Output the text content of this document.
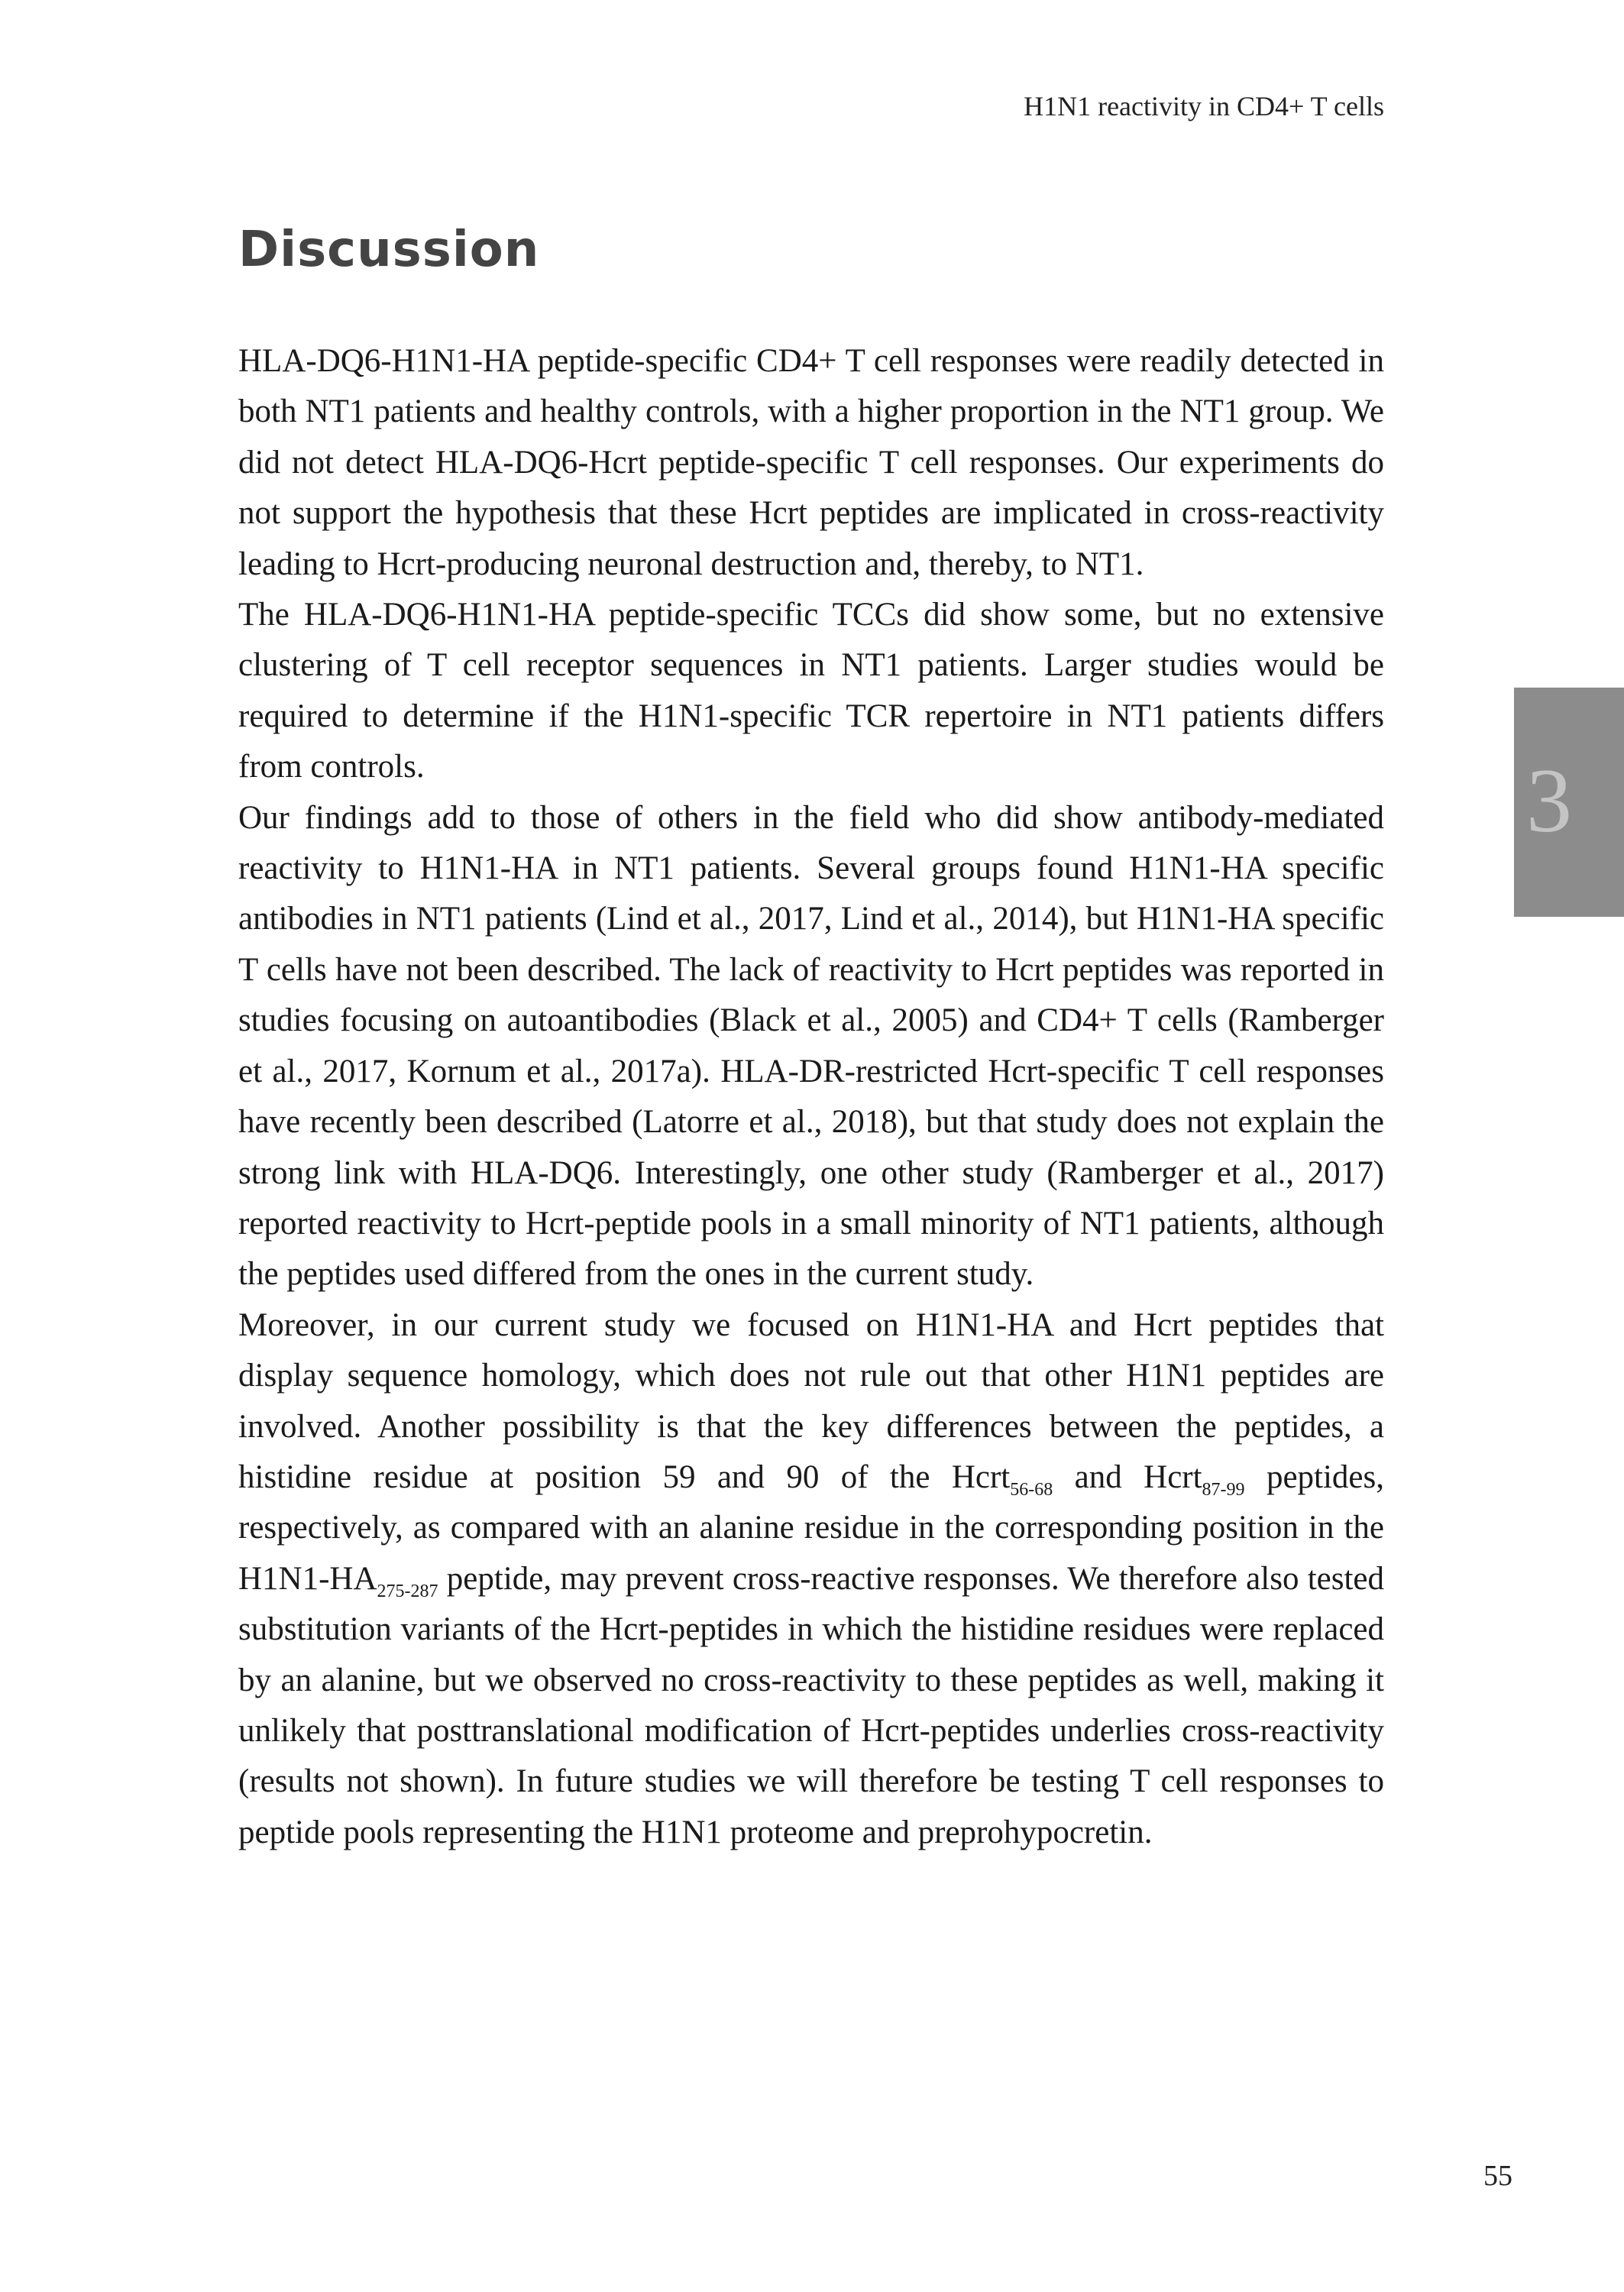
H1N1 reactivity in CD4+ T cells
Discussion

HLA-DQ6-H1N1-HA peptide-specific CD4+ T cell responses were readily detected in both NT1 patients and healthy controls, with a higher proportion in the NT1 group. We did not detect HLA-DQ6-Hcrt peptide-specific T cell responses. Our experiments do not support the hypothesis that these Hcrt peptides are implicated in cross-reactivity leading to Hcrt-producing neuronal destruction and, thereby, to NT1.

The HLA-DQ6-H1N1-HA peptide-specific TCCs did show some, but no extensive clustering of T cell receptor sequences in NT1 patients. Larger studies would be required to determine if the H1N1-specific TCR repertoire in NT1 patients differs from controls.

Our findings add to those of others in the field who did show antibody-mediated reactivity to H1N1-HA in NT1 patients. Several groups found H1N1-HA specific antibodies in NT1 patients (Lind et al., 2017, Lind et al., 2014), but H1N1-HA specific T cells have not been described. The lack of reactivity to Hcrt peptides was reported in studies focusing on autoantibodies (Black et al., 2005) and CD4+ T cells (Ramberger et al., 2017, Kornum et al., 2017a). HLA-DR-restricted Hcrt-specific T cell responses have recently been described (Latorre et al., 2018), but that study does not explain the strong link with HLA-DQ6. Interestingly, one other study (Ramberger et al., 2017) reported reactivity to Hcrt-peptide pools in a small minority of NT1 patients, although the peptides used differed from the ones in the current study.

Moreover, in our current study we focused on H1N1-HA and Hcrt peptides that display sequence homology, which does not rule out that other H1N1 peptides are involved. Another possibility is that the key differences between the peptides, a histidine residue at position 59 and 90 of the Hcrt$_{56-68}$ and Hcrt$_{87-99}$ peptides, respectively, as compared with an alanine residue in the corresponding position in the $H1N1-HA_{275-287}$ peptide, may prevent cross-reactive responses. We therefore also tested substitution variants of the Hcrt-peptides in which the histidine residues were replaced by an alanine, but we observed no cross-reactivity to these peptides as well, making it unlikely that posttranslational modification of Hcrt-peptides underlies cross-reactivity (results not shown). In future studies we will therefore be testing T cell responses to peptide pools representing the H1N1 proteome and preprohypocretin.

3
55
